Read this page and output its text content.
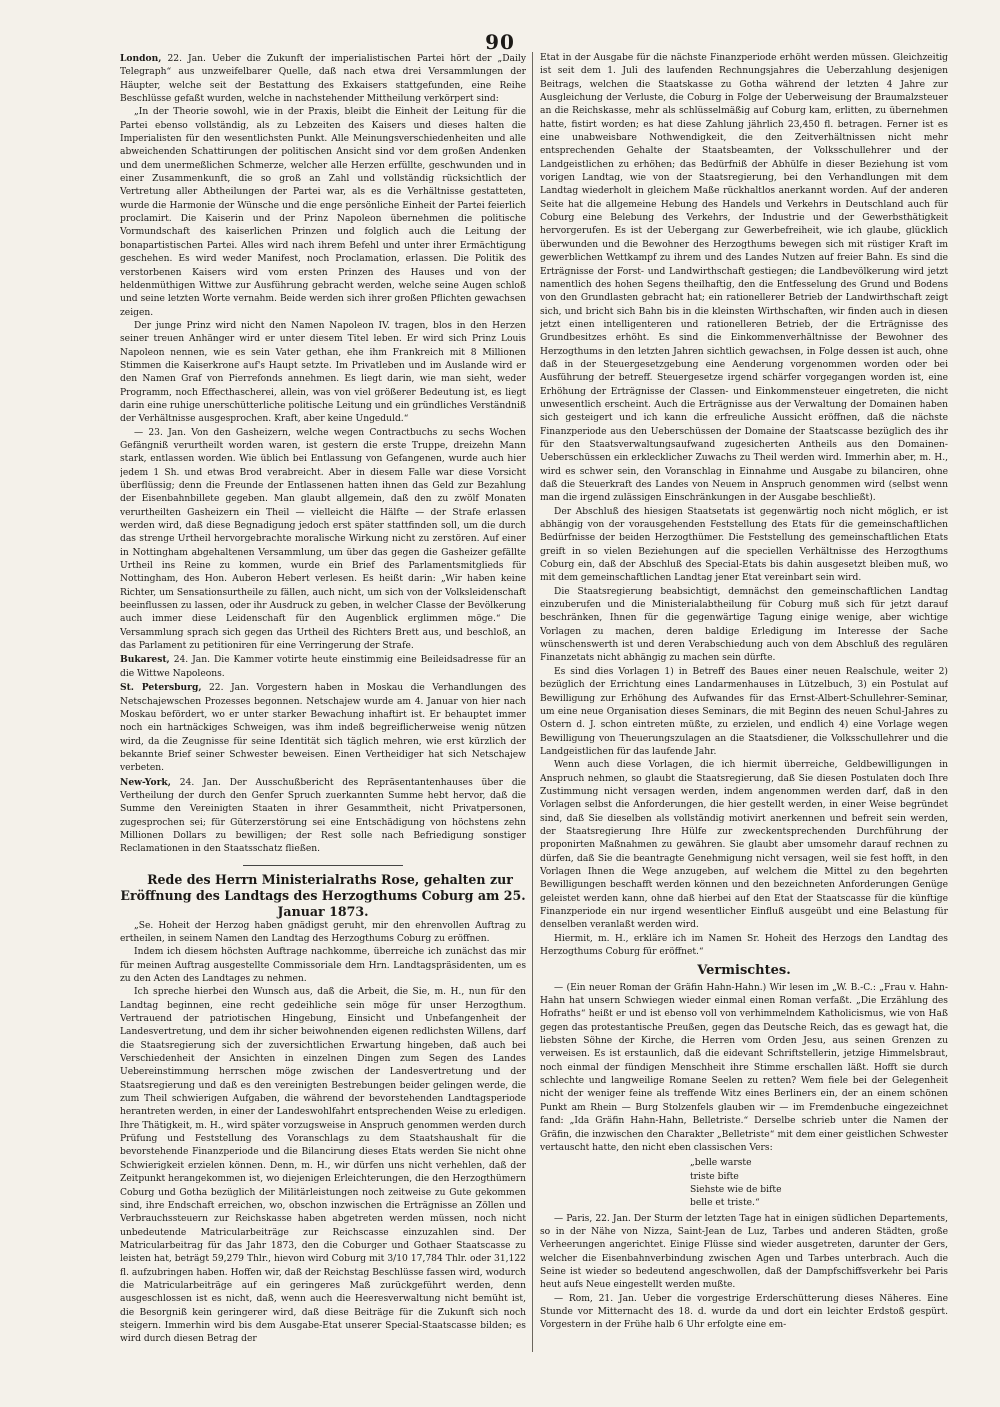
90

London, 22. Jan. Ueber die Zukunft der imperialistischen Partei hört der „Daily Telegraph“ aus unzweifelbarer Quelle, daß nach etwa drei Versammlungen der Häupter, welche seit der Bestattung des Exkaisers stattgefunden, eine Reihe Beschlüsse gefaßt wurden, welche in nachstehender Mittheilung verkörpert sind:

„In der Theorie sowohl, wie in der Praxis, bleibt die Einheit der Leitung für die Partei ebenso vollständig, als zu Lebzeiten des Kaisers und dieses halten die Imperialisten für den wesentlichsten Punkt. Alle Meinungsverschiedenheiten und alle abweichenden Schattirungen der politischen Ansicht sind vor dem großen Andenken und dem unermeßlichen Schmerze, welcher alle Herzen erfüllte, geschwunden und in einer Zusammenkunft, die so groß an Zahl und vollständig rücksichtlich der Vertretung aller Abtheilungen der Partei war, als es die Verhältnisse gestatteten, wurde die Harmonie der Wünsche und die enge persönliche Einheit der Partei feierlich proclamirt. Die Kaiserin und der Prinz Napoleon übernehmen die politische Vormundschaft des kaiserlichen Prinzen und folglich auch die Leitung der bonapartistischen Partei. Alles wird nach ihrem Befehl und unter ihrer Ermächtigung geschehen. Es wird weder Manifest, noch Proclamation, erlassen. Die Politik des verstorbenen Kaisers wird vom ersten Prinzen des Hauses und von der heldenmüthigen Wittwe zur Ausführung gebracht werden, welche seine Augen schloß und seine letzten Worte vernahm. Beide werden sich ihrer großen Pflichten gewachsen zeigen.

Der junge Prinz wird nicht den Namen Napoleon IV. tragen, blos in den Herzen seiner treuen Anhänger wird er unter diesem Titel leben. Er wird sich Prinz Louis Napoleon nennen, wie es sein Vater gethan, ehe ihm Frankreich mit 8 Millionen Stimmen die Kaiserkrone auf's Haupt setzte. Im Privatleben und im Auslande wird er den Namen Graf von Pierrefonds annehmen. Es liegt darin, wie man sieht, weder Programm, noch Effecthascherei, allein, was von viel größerer Bedeutung ist, es liegt darin eine ruhige unerschütterliche politische Leitung und ein gründliches Verständniß der Verhältnisse ausgesprochen. Kraft, aber keine Ungeduld.“

— 23. Jan. Von den Gasheizern, welche wegen Contractbuchs zu sechs Wochen Gefängniß verurtheilt worden waren, ist gestern die erste Truppe, dreizehn Mann stark, entlassen worden. Wie üblich bei Entlassung von Gefangenen, wurde auch hier jedem 1 Sh. und etwas Brod verabreicht. Aber in diesem Falle war diese Vorsicht überflüssig; denn die Freunde der Entlassenen hatten ihnen das Geld zur Bezahlung der Eisenbahnbillete gegeben. Man glaubt allgemein, daß den zu zwölf Monaten verurtheilten Gasheizern ein Theil — vielleicht die Hälfte — der Strafe erlassen werden wird, daß diese Begnadigung jedoch erst später stattfinden soll, um die durch das strenge Urtheil hervorgebrachte moralische Wirkung nicht zu zerstören. Auf einer in Nottingham abgehaltenen Versammlung, um über das gegen die Gasheizer gefällte Urtheil ins Reine zu kommen, wurde ein Brief des Parlamentsmitglieds für Nottingham, des Hon. Auberon Hebert verlesen. Es heißt darin: „Wir haben keine Richter, um Sensationsurtheile zu fällen, auch nicht, um sich von der Volksleidenschaft beeinflussen zu lassen, oder ihr Ausdruck zu geben, in welcher Classe der Bevölkerung auch immer diese Leidenschaft für den Augenblick erglimmen möge.“ Die Versammlung sprach sich gegen das Urtheil des Richters Brett aus, und beschloß, an das Parlament zu petitioniren für eine Verringerung der Strafe.

Bukarest, 24. Jan. Die Kammer votirte heute einstimmig eine Beileidsadresse für an die Wittwe Napoleons.

St. Petersburg, 22. Jan. Vorgestern haben in Moskau die Verhandlungen des Netschajewschen Prozesses begonnen. Netschajew wurde am 4. Januar von hier nach Moskau befördert, wo er unter starker Bewachung inhaftirt ist. Er behauptet immer noch ein hartnäckiges Schweigen, was ihm indeß begreiflicherweise wenig nützen wird, da die Zeugnisse für seine Identität sich täglich mehren, wie erst kürzlich der bekannte Brief seiner Schwester beweisen. Einen Vertheidiger hat sich Netschajew verbeten.

New-York, 24. Jan. Der Ausschußbericht des Repräsentantenhauses über die Vertheilung der durch den Genfer Spruch zuerkannten Summe hebt hervor, daß die Summe den Vereinigten Staaten in ihrer Gesammtheit, nicht Privatpersonen, zugesprochen sei; für Güterzerstörung sei eine Entschädigung von höchstens zehn Millionen Dollars zu bewilligen; der Rest solle nach Befriedigung sonstiger Reclamationen in den Staatsschatz fließen.

Rede des Herrn Ministerialraths Rose, gehalten zur Eröffnung des Landtags des Herzogthums Coburg am 25. Januar 1873.

„Se. Hoheit der Herzog haben gnädigst geruht, mir den ehrenvollen Auftrag zu ertheilen, in seinem Namen den Landtag des Herzogthums Coburg zu eröffnen.

Indem ich diesem höchsten Auftrage nachkomme, überreiche ich zunächst das mir für meinen Auftrag ausgestellte Commissoriale dem Hrn. Landtagspräsidenten, um es zu den Acten des Landtages zu nehmen.

Ich spreche hierbei den Wunsch aus, daß die Arbeit, die Sie, m. H., nun für den Landtag beginnen, eine recht gedeihliche sein möge für unser Herzogthum. Vertrauend der patriotischen Hingebung, Einsicht und Unbefangenheit der Landesvertretung, und dem ihr sicher beiwohnenden eigenen redlichsten Willens, darf die Staatsregierung sich der zuversichtlichen Erwartung hingeben, daß auch bei Verschiedenheit der Ansichten in einzelnen Dingen zum Segen des Landes Uebereinstimmung herrschen möge zwischen der Landesvertretung und der Staatsregierung und daß es den vereinigten Bestrebungen beider gelingen werde, die zum Theil schwierigen Aufgaben, die während der bevorstehenden Landtagsperiode herantreten werden, in einer der Landeswohlfahrt entsprechenden Weise zu erledigen. Ihre Thätigkeit, m. H., wird später vorzugsweise in Anspruch genommen werden durch Prüfung und Feststellung des Voranschlags zu dem Staatshaushalt für die bevorstehende Finanzperiode und die Bilancirung dieses Etats werden Sie nicht ohne Schwierigkeit erzielen können. Denn, m. H., wir dürfen uns nicht verhehlen, daß der Zeitpunkt herangekommen ist, wo diejenigen Erleichterungen, die den Herzogthümern Coburg und Gotha bezüglich der Militärleistungen noch zeitweise zu Gute gekommen sind, ihre Endschaft erreichen, wo, obschon inzwischen die Erträgnisse an Zöllen und Verbrauchssteuern zur Reichskasse haben abgetreten werden müssen, noch nicht unbedeutende Matricularbeiträge zur Reichscasse einzuzahlen sind. Der Matricularbeitrag für das Jahr 1873, den die Coburger und Gothaer Staatscasse zu leisten hat, beträgt 59,279 Thlr., hievon wird Coburg mit 3/10 17,784 Thlr. oder 31,122 fl. aufzubringen haben. Hoffen wir, daß der Reichstag Beschlüsse fassen wird, wodurch die Matricularbeiträge auf ein geringeres Maß zurückgeführt werden, denn ausgeschlossen ist es nicht, daß, wenn auch die Heeresverwaltung nicht bemüht ist, die Besorgniß kein geringerer wird, daß diese Beiträge für die Zukunft sich noch steigern. Immerhin wird bis dem Ausgabe-Etat unserer Special-Staatscasse bilden; es wird durch diesen Betrag der

Etat in der Ausgabe für die nächste Finanzperiode erhöht werden müssen. Gleichzeitig ist seit dem 1. Juli des laufenden Rechnungsjahres die Ueberzahlung desjenigen Beitrags, welchen die Staatskasse zu Gotha während der letzten 4 Jahre zur Ausgleichung der Verluste, die Coburg in Folge der Ueberweisung der Braumalzsteuer an die Reichskasse, mehr als schlüsselmäßig auf Coburg kam, erlitten, zu übernehmen hatte, fistirt worden; es hat diese Zahlung jährlich 23,450 fl. betragen. Ferner ist es eine unabweisbare Nothwendigkeit, die den Zeitverhältnissen nicht mehr entsprechenden Gehalte der Staatsbeamten, der Volksschullehrer und der Landgeistlichen zu erhöhen; das Bedürfniß der Abhülfe in dieser Beziehung ist vom vorigen Landtag, wie von der Staatsregierung, bei den Verhandlungen mit dem Landtag wiederholt in gleichem Maße rückhaltlos anerkannt worden. Auf der anderen Seite hat die allgemeine Hebung des Handels und Verkehrs in Deutschland auch für Coburg eine Belebung des Verkehrs, der Industrie und der Gewerbsthätigkeit hervorgerufen. Es ist der Uebergang zur Gewerbefreiheit, wie ich glaube, glücklich überwunden und die Bewohner des Herzogthums bewegen sich mit rüstiger Kraft im gewerblichen Wettkampf zu ihrem und des Landes Nutzen auf freier Bahn. Es sind die Erträgnisse der Forst- und Landwirthschaft gestiegen; die Landbevölkerung wird jetzt namentlich des hohen Segens theilhaftig, den die Entfesselung des Grund und Bodens von den Grundlasten gebracht hat; ein rationellerer Betrieb der Landwirthschaft zeigt sich, und bricht sich Bahn bis in die kleinsten Wirthschaften, wir finden auch in diesen jetzt einen intelligenteren und rationelleren Betrieb, der die Erträgnisse des Grundbesitzes erhöht. Es sind die Einkommenverhältnisse der Bewohner des Herzogthums in den letzten Jahren sichtlich gewachsen, in Folge dessen ist auch, ohne daß in der Steuergesetzgebung eine Aenderung vorgenommen worden oder bei Ausführung der betreff. Steuergesetze irgend schärfer vorgegangen worden ist, eine Erhöhung der Erträgnisse der Classen- und Einkommensteuer eingetreten, die nicht unwesentlich erscheint. Auch die Erträgnisse aus der Verwaltung der Domainen haben sich gesteigert und ich kann die erfreuliche Aussicht eröffnen, daß die nächste Finanzperiode aus den Ueberschüssen der Domaine der Staatscasse bezüglich des ihr für den Staatsverwaltungsaufwand zugesicherten Antheils aus den Domainen-Ueberschüssen ein erklecklicher Zuwachs zu Theil werden wird. Immerhin aber, m. H., wird es schwer sein, den Voranschlag in Einnahme und Ausgabe zu bilanciren, ohne daß die Steuerkraft des Landes von Neuem in Anspruch genommen wird (selbst wenn man die irgend zulässigen Einschränkungen in der Ausgabe beschließt).

Der Abschluß des hiesigen Staatsetats ist gegenwärtig noch nicht möglich, er ist abhängig von der vorausgehenden Feststellung des Etats für die gemeinschaftlichen Bedürfnisse der beiden Herzogthümer. Die Feststellung des gemeinschaftlichen Etats greift in so vielen Beziehungen auf die speciellen Verhältnisse des Herzogthums Coburg ein, daß der Abschluß des Special-Etats bis dahin ausgesetzt bleiben muß, wo mit dem gemeinschaftlichen Landtag jener Etat vereinbart sein wird.

Die Staatsregierung beabsichtigt, demnächst den gemeinschaftlichen Landtag einzuberufen und die Ministerialabtheilung für Coburg muß sich für jetzt darauf beschränken, Ihnen für die gegenwärtige Tagung einige wenige, aber wichtige Vorlagen zu machen, deren baldige Erledigung im Interesse der Sache wünschenswerth ist und deren Verabschiedung auch von dem Abschluß des regulären Finanzetats nicht abhängig zu machen sein dürfte.

Es sind dies Vorlagen 1) in Betreff des Baues einer neuen Realschule, weiter 2) bezüglich der Errichtung eines Landarmenhauses in Lützelbuch, 3) ein Postulat auf Bewilligung zur Erhöhung des Aufwandes für das Ernst-Albert-Schullehrer-Seminar, um eine neue Organisation dieses Seminars, die mit Beginn des neuen Schul-Jahres zu Ostern d. J. schon eintreten müßte, zu erzielen, und endlich 4) eine Vorlage wegen Bewilligung von Theuerungszulagen an die Staatsdiener, die Volksschullehrer und die Landgeistlichen für das laufende Jahr.

Wenn auch diese Vorlagen, die ich hiermit überreiche, Geldbewilligungen in Anspruch nehmen, so glaubt die Staatsregierung, daß Sie diesen Postulaten doch Ihre Zustimmung nicht versagen werden, indem angenommen werden darf, daß in den Vorlagen selbst die Anforderungen, die hier gestellt werden, in einer Weise begründet sind, daß Sie dieselben als vollständig motivirt anerkennen und befreit sein werden, der Staatsregierung Ihre Hülfe zur zweckentsprechenden Durchführung der proponirten Maßnahmen zu gewähren. Sie glaubt aber umsomehr darauf rechnen zu dürfen, daß Sie die beantragte Genehmigung nicht versagen, weil sie fest hofft, in den Vorlagen Ihnen die Wege anzugeben, auf welchem die Mittel zu den begehrten Bewilligungen beschafft werden können und den bezeichneten Anforderungen Genüge geleistet werden kann, ohne daß hierbei auf den Etat der Staatscasse für die künftige Finanzperiode ein nur irgend wesentlicher Einfluß ausgeübt und eine Belastung für denselben veranlaßt werden wird.

Hiermit, m. H., erkläre ich im Namen Sr. Hoheit des Herzogs den Landtag des Herzogthums Coburg für eröffnet.“

Vermischtes.

— (Ein neuer Roman der Gräfin Hahn-Hahn.) Wir lesen im „W. B.-C.: „Frau v. Hahn-Hahn hat unsern Schwiegen wieder einmal einen Roman verfaßt. „Die Erzählung des Hofraths“ heißt er und ist ebenso voll von verhimmelndem Katholicismus, wie von Haß gegen das protestantische Preußen, gegen das Deutsche Reich, das es gewagt hat, die liebsten Söhne der Kirche, die Herren vom Orden Jesu, aus seinen Grenzen zu verweisen. Es ist erstaunlich, daß die eidevant Schriftstellerin, jetzige Himmelsbraut, noch einmal der fündigen Menschheit ihre Stimme erschallen läßt. Hofft sie durch schlechte und langweilige Romane Seelen zu retten? Wem fiele bei der Gelegenheit nicht der weniger feine als treffende Witz eines Berliners ein, der an einem schönen Punkt am Rhein — Burg Stolzenfels glauben wir — im Fremdenbuche eingezeichnet fand: „Ida Gräfin Hahn-Hahn, Belletriste.“ Derselbe schrieb unter die Namen der Gräfin, die inzwischen den Charakter „Belletriste“ mit dem einer geistlichen Schwester vertauscht hatte, den nicht eben classischen Vers:

„belle warste
triste bifte
Siehste wie de bifte
belle et triste.“

— Paris, 22. Jan. Der Sturm der letzten Tage hat in einigen südlichen Departements, so in der Nähe von Nizza, Saint-Jean de Luz, Tarbes und anderen Städten, große Verheerungen angerichtet. Einige Flüsse sind wieder ausgetreten, darunter der Gers, welcher die Eisenbahnverbindung zwischen Agen und Tarbes unterbrach. Auch die Seine ist wieder so bedeutend angeschwollen, daß der Dampfschiffsverkehr bei Paris heut aufs Neue eingestellt werden mußte.

— Rom, 21. Jan. Ueber die vorgestrige Erderschütterung dieses Näheres. Eine Stunde vor Mitternacht des 18. d. wurde da und dort ein leichter Erdstoß gespürt. Vorgestern in der Frühe halb 6 Uhr erfolgte eine em-
